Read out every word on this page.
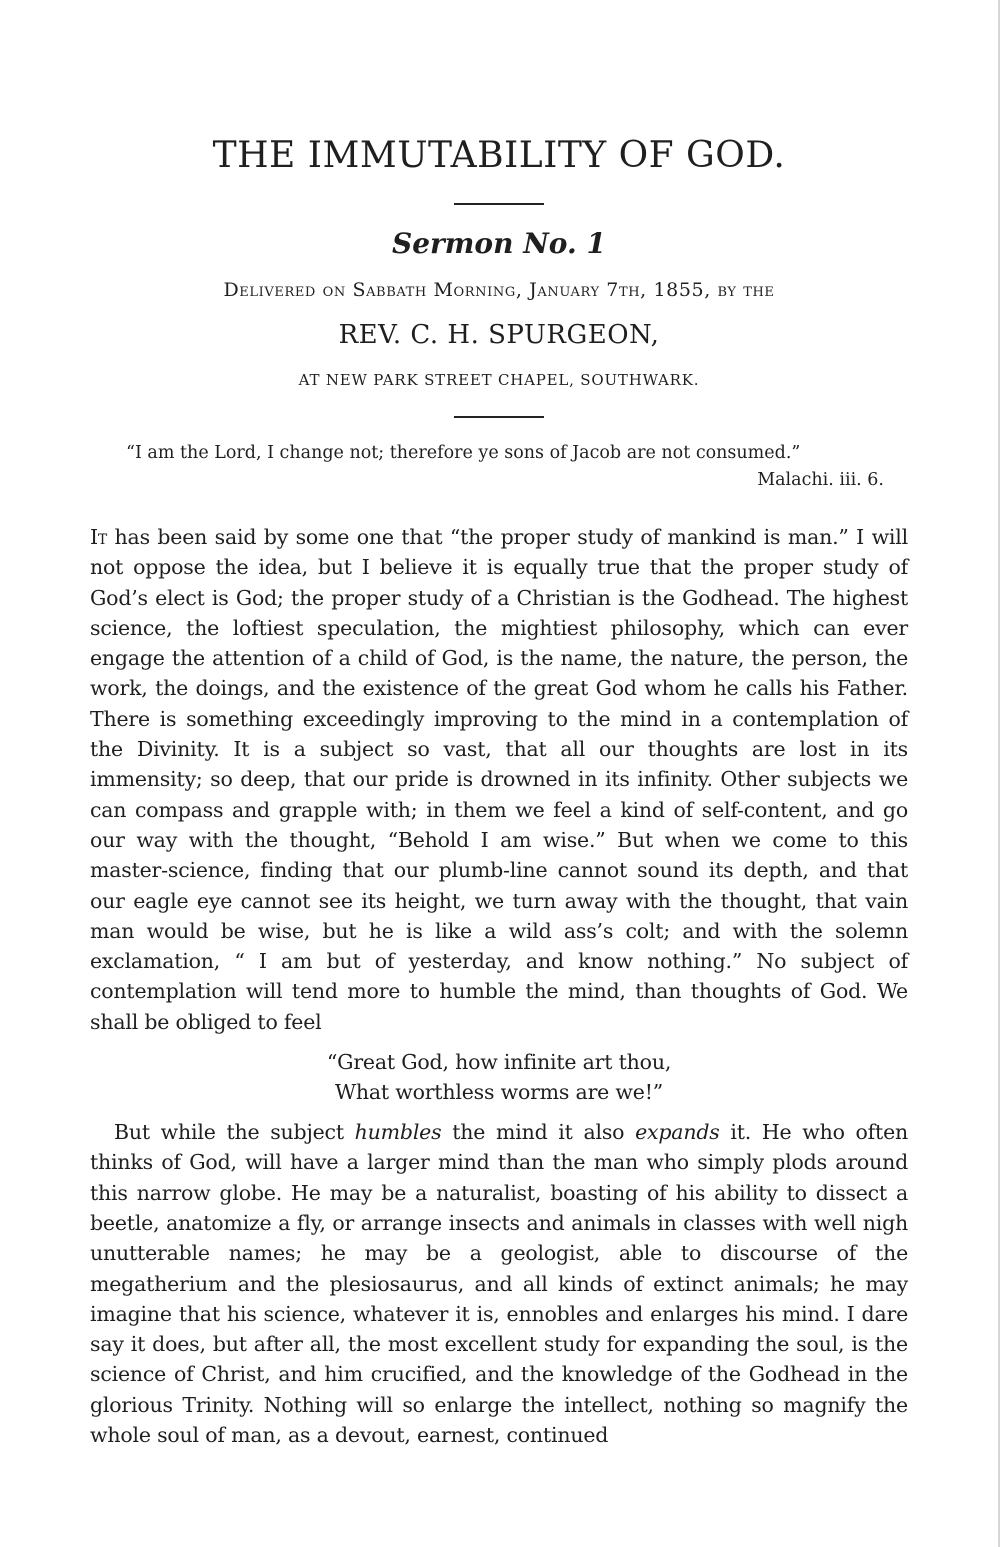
THE IMMUTABILITY OF GOD.
Sermon No. 1
Delivered on Sabbath Morning, January 7th, 1855, by the
REV. C. H. SPURGEON,
AT NEW PARK STREET CHAPEL, SOUTHWARK.
“I am the Lord, I change not; therefore ye sons of Jacob are not consumed.”
Malachi. iii. 6.

It has been said by some one that “the proper study of mankind is man.” I will not oppose the idea, but I believe it is equally true that the proper study of God’s elect is God; the proper study of a Christian is the Godhead. The highest science, the loftiest speculation, the mightiest philosophy, which can ever engage the attention of a child of God, is the name, the nature, the person, the work, the doings, and the existence of the great God whom he calls his Father. There is something exceedingly improving to the mind in a contemplation of the Divinity. It is a subject so vast, that all our thoughts are lost in its immensity; so deep, that our pride is drowned in its infinity. Other subjects we can compass and grapple with; in them we feel a kind of self-content, and go our way with the thought, “Behold I am wise.” But when we come to this master-science, finding that our plumb-line cannot sound its depth, and that our eagle eye cannot see its height, we turn away with the thought, that vain man would be wise, but he is like a wild ass’s colt; and with the solemn exclamation, “ I am but of yesterday, and know nothing.” No subject of contemplation will tend more to humble the mind, than thoughts of God. We shall be obliged to feel

“Great God, how infinite art thou,
What worthless worms are we!”

But while the subject humbles the mind it also expands it. He who often thinks of God, will have a larger mind than the man who simply plods around this narrow globe. He may be a naturalist, boasting of his ability to dissect a beetle, anatomize a fly, or arrange insects and animals in classes with well nigh unutterable names; he may be a geologist, able to discourse of the megatherium and the plesiosaurus, and all kinds of extinct animals; he may imagine that his science, whatever it is, ennobles and enlarges his mind. I dare say it does, but after all, the most excellent study for expanding the soul, is the science of Christ, and him crucified, and the knowledge of the Godhead in the glorious Trinity. Nothing will so enlarge the intellect, nothing so magnify the whole soul of man, as a devout, earnest, continued
